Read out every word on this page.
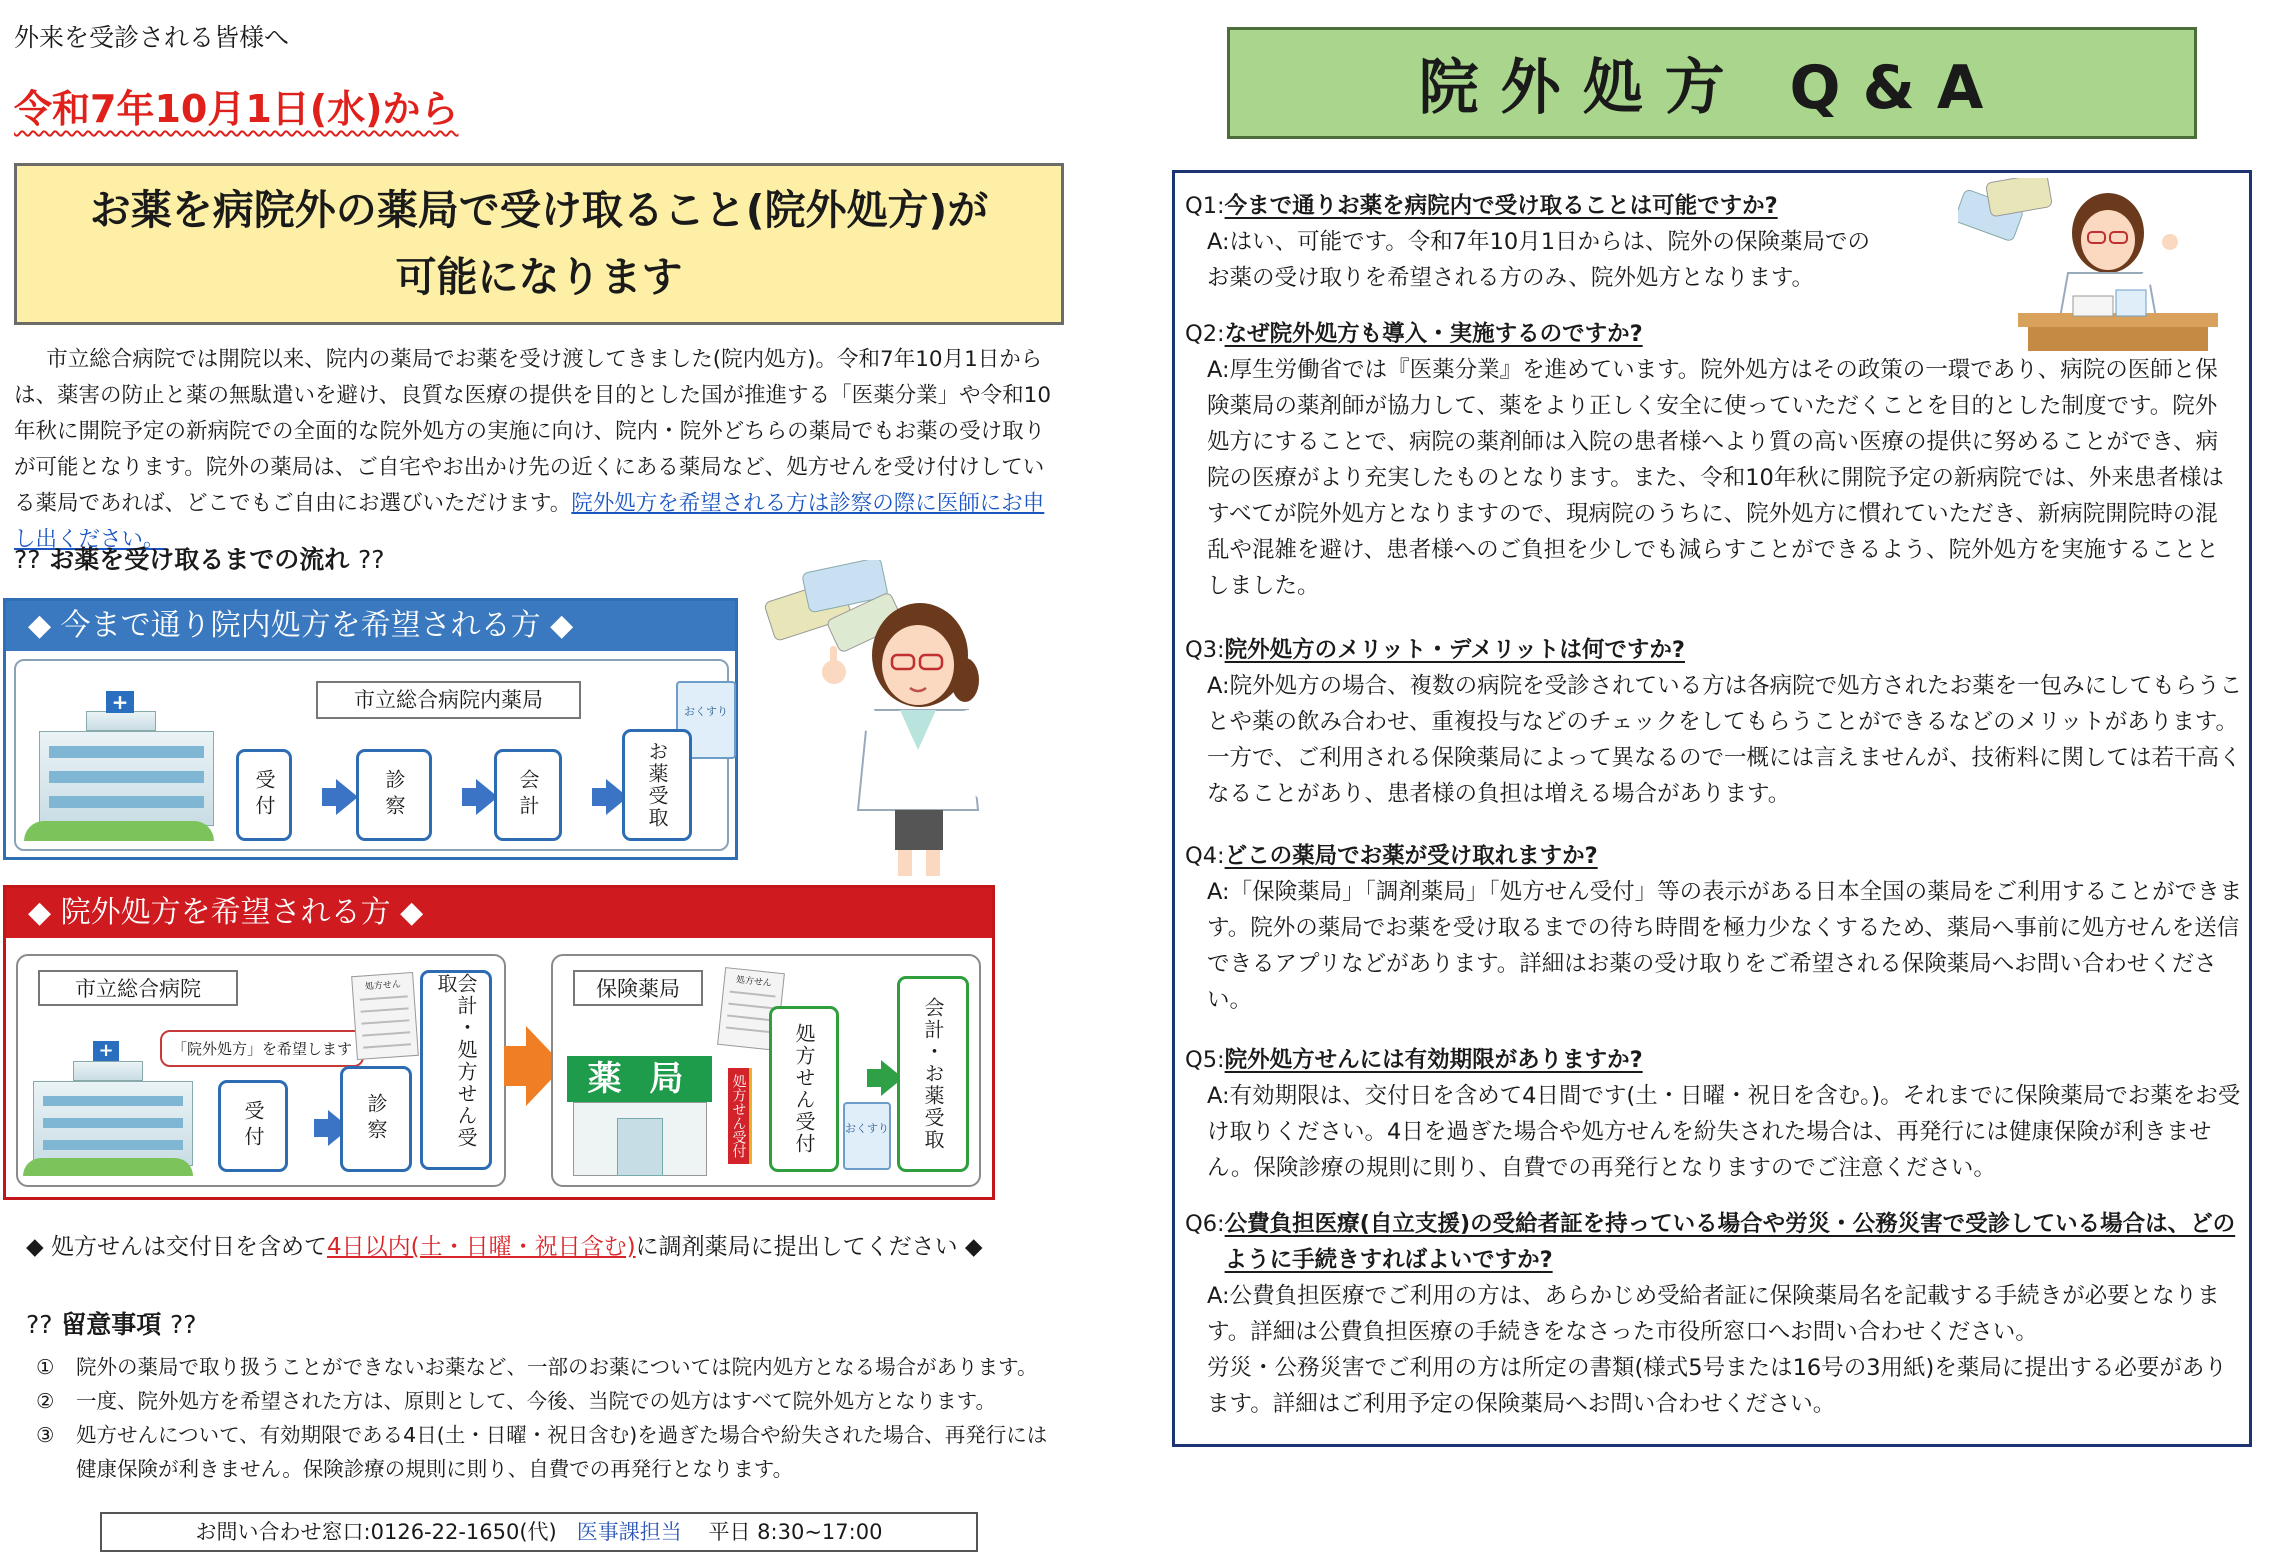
外来を受診される皆様へ
令和7年10月1日(水)から
お薬を病院外の薬局で受け取ること(院外処方)が
可能になります

市立総合病院では開院以来、院内の薬局でお薬を受け渡してきました(院内処方)。令和7年10月1日からは、薬害の防止と薬の無駄遣いを避け、良質な医療の提供を目的とした国が推進する「医薬分業」や令和10年秋に開院予定の新病院での全面的な院外処方の実施に向け、院内・院外どちらの薬局でもお薬の受け取りが可能となります。院外の薬局は、ご自宅やお出かけ先の近くにある薬局など、処方せんを受け付けしている薬局であれば、どこでもご自由にお選びいただけます。院外処方を希望される方は診察の際に医師にお申し出ください。

?? お薬を受け取るまでの流れ ??
◆ 今まで通り院内処方を希望される方 ◆
+	市立総合病院内薬局	おくすり
受付	診察	会計	お薬受取
◆ 院外処方を希望される方 ◆
市立総合病院
+	「院外処方」を希望します
処方せん
受付	診察	会計・処方せん受取	保険薬局	処方せん
薬 局	処方せん受付	処方せん受付	おくすり	会計・お薬受取
◆ 処方せんは交付日を含めて4日以内(土・日曜・祝日含む)に調剤薬局に提出してください ◆
?? 留意事項 ??
①	院外の薬局で取り扱うことができないお薬など、一部のお薬については院内処方となる場合があります。
②	一度、院外処方を希望された方は、原則として、今後、当院での処方はすべて院外処方となります。
③	処方せんについて、有効期限である4日(土・日曜・祝日含む)を過ぎた場合や紛失された場合、再発行には健康保険が利きません。保険診療の規則に則り、自費での再発行となります。
お問い合わせ窓口:0126-22-1650(代) 医事課担当 平日 8:30~17:00
院外処方 Q&A
Q1:今まで通りお薬を病院内で受け取ることは可能ですか?
A:はい、可能です。令和7年10月1日からは、院外の保険薬局での
お薬の受け取りを希望される方のみ、院外処方となります。
Q2:なぜ院外処方も導入・実施するのですか?
A:厚生労働省では『医薬分業』を進めています。院外処方はその政策の一環であり、病院の医師と保険薬局の薬剤師が協力して、薬をより正しく安全に使っていただくことを目的とした制度です。院外処方にすることで、病院の薬剤師は入院の患者様へより質の高い医療の提供に努めることができ、病院の医療がより充実したものとなります。また、令和10年秋に開院予定の新病院では、外来患者様はすべてが院外処方となりますので、現病院のうちに、院外処方に慣れていただき、新病院開院時の混乱や混雑を避け、患者様へのご負担を少しでも減らすことができるよう、院外処方を実施することとしました。
Q3:院外処方のメリット・デメリットは何ですか?
A:院外処方の場合、複数の病院を受診されている方は各病院で処方されたお薬を一包みにしてもらうことや薬の飲み合わせ、重複投与などのチェックをしてもらうことができるなどのメリットがあります。一方で、ご利用される保険薬局によって異なるので一概には言えませんが、技術料に関しては若干高くなることがあり、患者様の負担は増える場合があります。
Q4:どこの薬局でお薬が受け取れますか?
A:「保険薬局」「調剤薬局」「処方せん受付」等の表示がある日本全国の薬局をご利用することができます。院外の薬局でお薬を受け取るまでの待ち時間を極力少なくするため、薬局へ事前に処方せんを送信できるアプリなどがあります。詳細はお薬の受け取りをご希望される保険薬局へお問い合わせください。
Q5:院外処方せんには有効期限がありますか?
A:有効期限は、交付日を含めて4日間です(土・日曜・祝日を含む。)。それまでに保険薬局でお薬をお受け取りください。4日を過ぎた場合や処方せんを紛失された場合は、再発行には健康保険が利きません。保険診療の規則に則り、自費での再発行となりますのでご注意ください。
Q6: 公費負担医療(自立支援)の受給者証を持っている場合や労災・公務災害で受診している場合は、どのように手続きすればよいですか?
A:公費負担医療でご利用の方は、あらかじめ受給者証に保険薬局名を記載する手続きが必要となります。詳細は公費負担医療の手続きをなさった市役所窓口へお問い合わせください。
労災・公務災害でご利用の方は所定の書類(様式5号または16号の3用紙)を薬局に提出する必要があります。詳細はご利用予定の保険薬局へお問い合わせください。
